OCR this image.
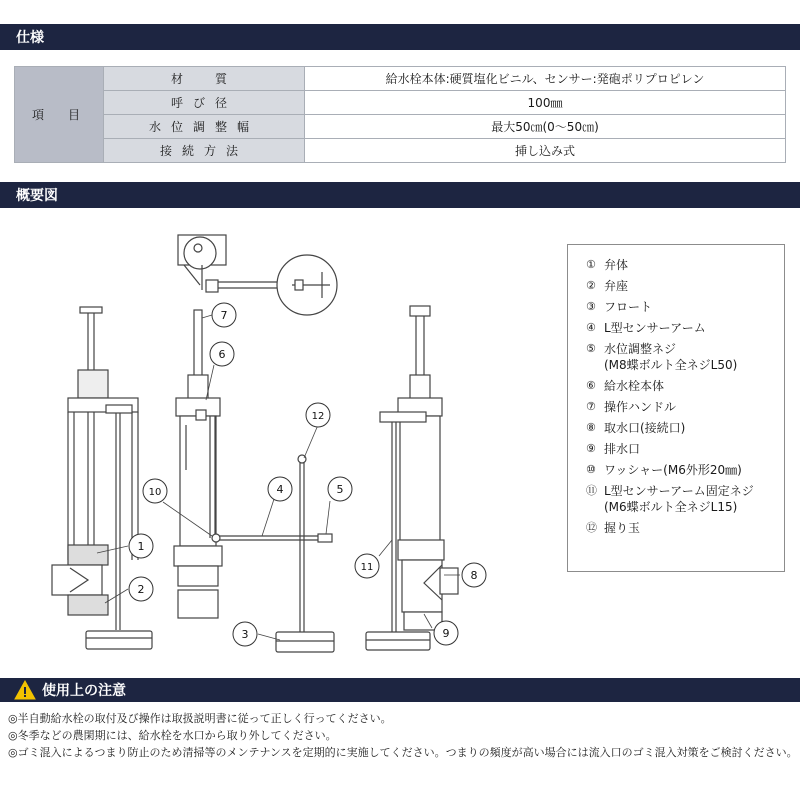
仕様
項　目	材　質	給水栓本体:硬質塩化ビニル、センサー:発砲ポリプロピレン
	呼び径	100㎜
	水位調整幅	最大50㎝(0～50㎝)
	接続方法	挿し込み式
概要図
1
2
3
4	5
6
7
8
9
10
11
12
① 弁体
② 弁座
③ フロート
④ L型センサーアーム
⑤ 水位調整ネジ
(M8蝶ボルト全ネジL50)
⑥ 給水栓本体
⑦ 操作ハンドル
⑧ 取水口(接続口)
⑨ 排水口
⑩ ワッシャー(M6外形20㎜)
⑪ L型センサーアーム固定ネジ
(M6蝶ボルト全ネジL15)
⑫ 握り玉
使用上の注意
◎半自動給水栓の取付及び操作は取扱説明書に従って正しく行ってください。
◎冬季などの農閑期には、給水栓を水口から取り外してください。
◎ゴミ混入によるつまり防止のため清掃等のメンテナンスを定期的に実施してください。つまりの頻度が高い場合には流入口のゴミ混入対策をご検討ください。
